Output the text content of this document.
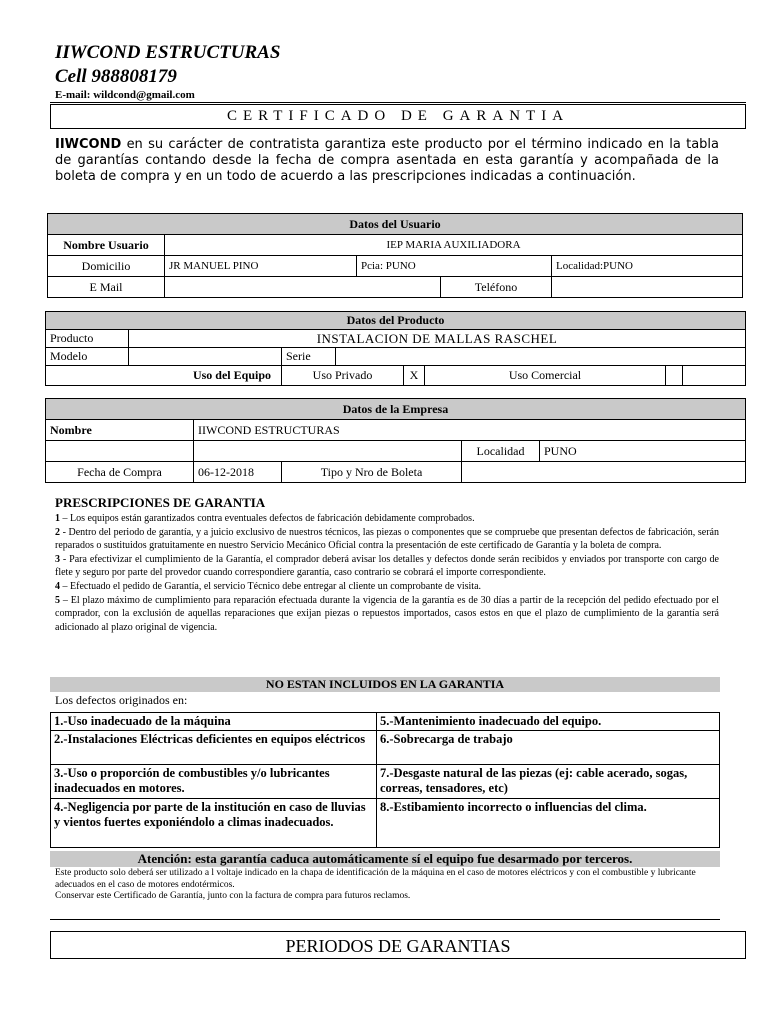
IIWCOND ESTRUCTURAS
Cell 988808179
E-mail: wildcond@gmail.com
CERTIFICADO DE GARANTIA
IIWCOND en su carácter de contratista garantiza este producto por el término indicado en la tabla de garantías contando desde la fecha de compra asentada en esta garantía y acompañada de la boleta de compra y en un todo de acuerdo a las prescripciones indicadas a continuación.
Datos del Usuario				
Nombre Usuario	IEP MARIA AUXILIADORA			
Domicilio	JR MANUEL PINO	Pcia: PUNO		Localidad:PUNO
E Mail			Teléfono	
Datos del Producto						
Producto	INSTALACION DE MALLAS RASCHEL					
Modelo		Serie				
Uso del Equipo		Uso Privado		X Uso Comercial		

Datos de la Empresa				
Nombre	IIWCOND ESTRUCTURAS			
			Localidad	PUNO
Fecha de Compra	06-12-2018	Tipo y Nro de Boleta		
PRESCRIPCIONES DE GARANTIA
1 – Los equipos están garantizados contra eventuales defectos de fabricación debidamente comprobados.
2 - Dentro del periodo de garantía, y a juicio exclusivo de nuestros técnicos, las piezas o componentes que se compruebe que presentan defectos de fabricación, serán reparados o sustituidos gratuitamente en nuestro Servicio Mecánico Oficial contra la presentación de este certificado de Garantía y la boleta de compra.
3 - Para efectivizar el cumplimiento de la Garantía, el comprador deberá avisar los detalles y defectos donde serán recibidos y enviados por transporte con cargo de flete y seguro por parte del provedor cuando correspondiere garantía, caso contrario se cobrará el importe correspondiente.
4 – Efectuado el pedido de Garantía, el servicio Técnico debe entregar al cliente un comprobante de visita.
5 – El plazo máximo de cumplimiento para reparación efectuada durante la vigencia de la garantía es de 30 días a partir de la recepción del pedido efectuado por el comprador, con la exclusión de aquellas reparaciones que exijan piezas o repuestos importados, casos estos en que el plazo de cumplimiento de la garantía será adicionado al plazo original de vigencia.
NO ESTAN INCLUIDOS EN LA GARANTIA
Los defectos originados en:
1.-Uso inadecuado de la máquina	5.-Mantenimiento inadecuado del equipo.
2.-Instalaciones Eléctricas deficientes en equipos eléctricos	6.-Sobrecarga de trabajo
3.-Uso o proporción de combustibles y/o lubricantes inadecuados en motores.	7.-Desgaste natural de las piezas (ej: cable acerado, sogas, correas, tensadores, etc)
4.-Negligencia por parte de la institución en caso de lluvias y vientos fuertes exponiéndolo a climas inadecuados.	8.-Estibamiento incorrecto o influencias del clima.
Atención: esta garantía caduca automáticamente sí el equipo fue desarmado por terceros.
Este producto solo deberá ser utilizado a l voltaje indicado en la chapa de identificación de la máquina en el caso de motores eléctricos y con el combustible y lubricante adecuados en el caso de motores endotérmicos.
Conservar este Certificado de Garantía, junto con la factura de compra para futuros reclamos.
PERIODOS DE GARANTIAS
